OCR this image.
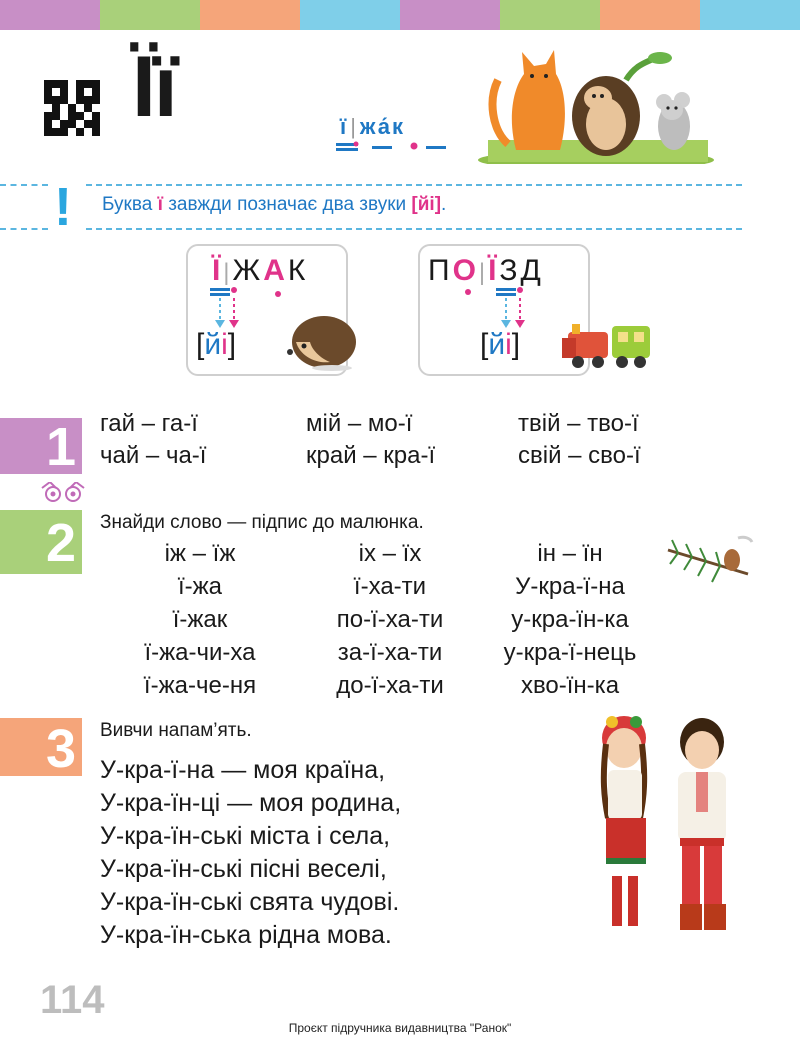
Її	ї|жа́к
! Буква ї завжди позначає два звуки [йі].
Ї|ЖАК
[йі]
ПО|ЇЗД
[йі]
1 гай – га-ї	мій – мо-ї	твій – тво-ї
чай – ча-ї	край – кра-ї	свій – сво-ї
2	Знайди слово — підпис до малюнка.
іж – їж	іх – їх	ін – їн
ї-жа	ї-ха-ти	У-кра-ї-на
ї-жак	по-ї-ха-ти	у-кра-їн-ка
ї-жа-чи-ха	за-ї-ха-ти	у-кра-ї-нець
ї-жа-че-ня	до-ї-ха-ти	хво-їн-ка
3	Вивчи напам’ять.
У-кра-ї-на — моя країна,
У-кра-їн-ці — моя родина,
У-кра-їн-ські міста і села,
У-кра-їн-ські пісні веселі,
У-кра-їн-ські свята чудові.
У-кра-їн-ська рідна мова.
114
Проєкт підручника видавництва "Ранок"
